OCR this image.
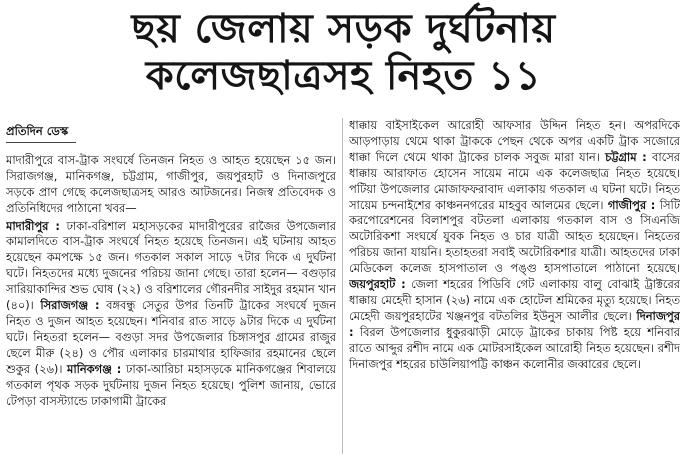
ছয় জেলায় সড়ক দুর্ঘটনায়
কলেজছাত্রসহ নিহত ১১
প্রতিদিন ডেস্ক
মাদারীপুরে বাস-ট্রাক সংঘর্ষে তিনজন নিহত ও আহত হয়েছেন ১৫ জন। সিরাজগঞ্জ, মানিকগঞ্জ, চট্টগ্রাম, গাজীপুর, জয়পুরহাট ও দিনাজপুরে সড়কে প্রাণ গেছে কলেজছাত্রসহ আরও আটজনের। নিজস্ব প্রতিবেদক ও প্রতিনিধিদের পাঠানো খবর—
মাদারীপুর : ঢাকা-বরিশাল মহাসড়কের মাদারীপুরের রাজৈর উপজেলার কামালদিতে বাস-ট্রাক সংঘর্ষে নিহত হয়েছে তিনজন। এই ঘটনায় আহত হয়েছেন কমপক্ষে ১৫ জন। গতকাল সকাল সাড়ে ৭টার দিকে এ দুর্ঘটনা ঘটে। নিহতদের মধ্যে দুজনের পরিচয় জানা গেছে। তারা হলেন— বগুড়ার সারিয়াকান্দির শুভ ঘোষ (২২) ও বরিশালের গৌরনদীর সাইদুর রহমান খান (৪০)। সিরাজগঞ্জ : বঙ্গবন্ধু সেতুর উপর তিনটি ট্রাকের সংঘর্ষে দুজন নিহত ও দুজন আহত হয়েছেন। শনিবার রাত সাড়ে ৯টার দিকে এ দুর্ঘটনা ঘটে। নিহতরা হলেন— বগুড়া সদর উপজেলার চিঙ্গাসপুর গ্রামের রাজুর ছেলে মীরু (২৪) ও পৌর এলাকার চারমাথার হাফিজার রহমানের ছেলে শুকুর (২৬)। মানিকগঞ্জ : ঢাকা-আরিচা মহাসড়কে মানিকগঞ্জের শিবালয়ে গতকাল পৃথক সড়ক দুর্ঘটনায় দুজন নিহত হয়েছে। পুলিশ জানায়, ভোরে টেপড়া বাসস্ট্যান্ডে ঢাকাগামী ট্রাকের
ধাক্কায় বাইসাইকেল আরোহী আফসার উদ্দিন নিহত হন। অপরদিকে আড়পাড়ায় থেমে থাকা ট্রাককে পেছন থেকে অপর একটি ট্রাক সজোরে ধাক্কা দিলে থেমে থাকা ট্রাকের চালক সবুজ মারা যান। চট্টগ্রাম : বাসের ধাক্কায় আরাফাত হোসেন সায়েম নামে এক কলেজছাত্র নিহত হয়েছে। পটিয়া উপজেলার মোজাফফরাবাদ এলাকায় গতকাল এ ঘটনা ঘটে। নিহত সায়েম চন্দনাইশের কাঞ্চননগরের মাহবুব আলমের ছেলে। গাজীপুর : সিটি করপোরেশনের বিলাশপুর বটতলা এলাকায় গতকাল বাস ও সিএনজি অটোরিকশা সংঘর্ষে যুবক নিহত ও চার যাত্রী আহত হয়েছেন। নিহতের পরিচয় জানা যায়নি। হতাহতরা সবাই অটোরিকশার যাত্রী। আহতদের ঢাকা মেডিকেল কলেজ হাসপাতাল ও পঙ্গু হাসপাতালে পাঠানো হয়েছে। জয়পুরহাট : জেলা শহরের পিডিবি গেট এলাকায় বালু বোঝাই ট্রাক্টরের ধাক্কায় মেহেদী হাসান (২৬) নামে এক হোটেল শ্রমিকের মৃত্যু হয়েছে। নিহত মেহেদী জয়পুরহাটের খঞ্জনপুর বটতলির ইউনুস আলীর ছেলে। দিনাজপুর : বিরল উপজেলার ধুকুরঝাড়ী মোড়ে ট্রাকের চাকায় পিষ্ট হয়ে শনিবার রাতে আব্দুর রশীদ নামে এক মোটরসাইকেল আরোহী নিহত হয়েছেন। রশীদ দিনাজপুর শহরের চাউলিয়াপট্টি কাঞ্চন কলোনীর জব্বারের ছেলে।
